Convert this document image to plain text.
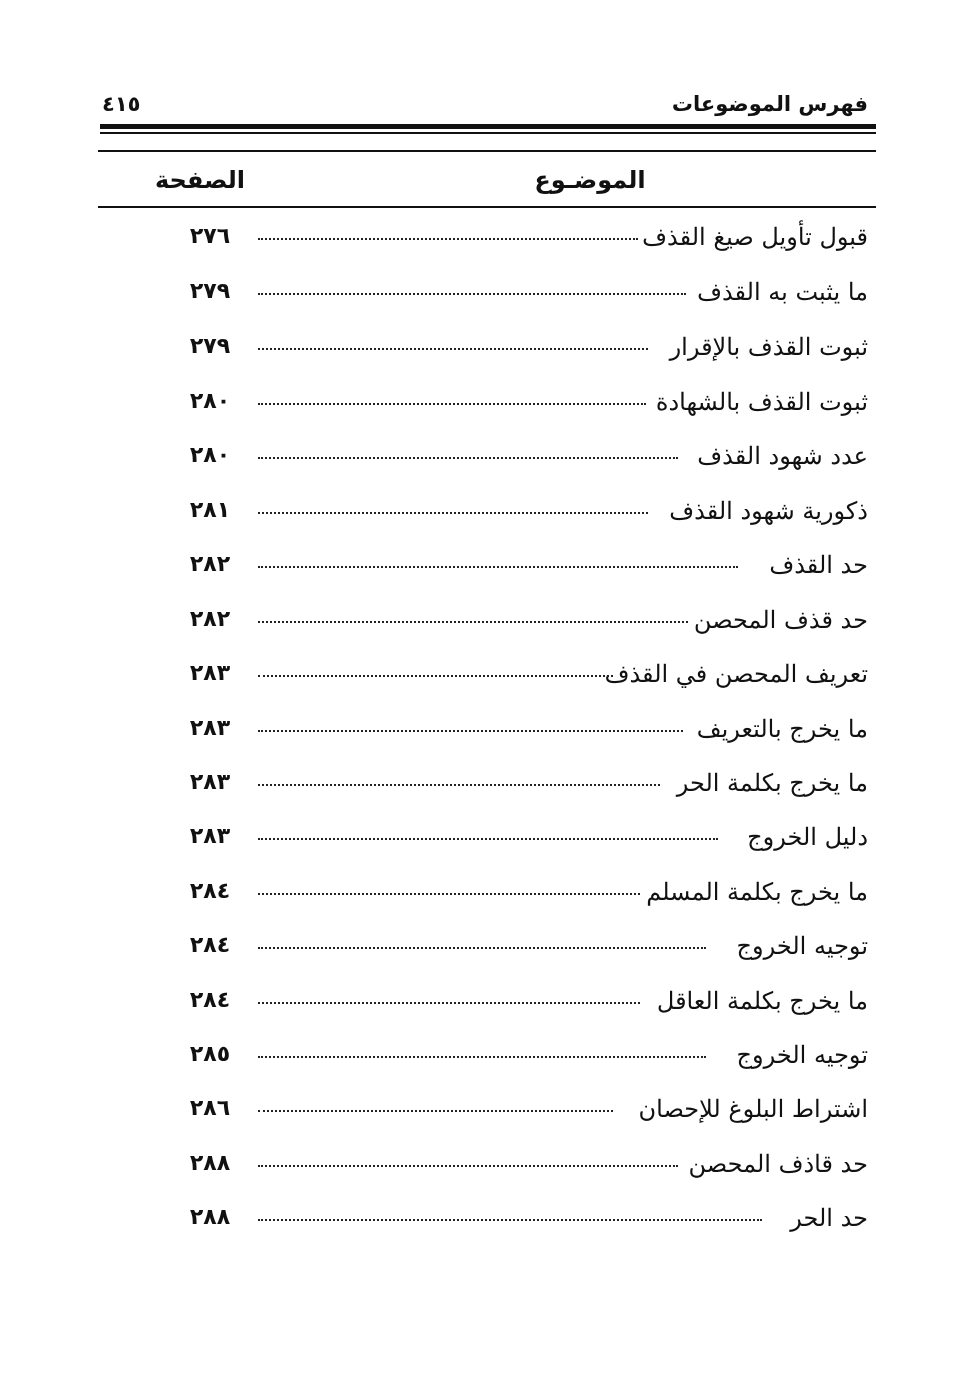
فهرس الموضوعات
٤١٥
الموضـوع
الصفحة
قبول تأويل صيغ القذف
٢٧٦
ما يثبت به القذف
٢٧٩
ثبوت القذف بالإقرار
٢٧٩
ثبوت القذف بالشهادة
٢٨٠
عدد شهود القذف
٢٨٠
ذكورية شهود القذف
٢٨١
حد القذف
٢٨٢
حد قذف المحصن
٢٨٢
تعريف المحصن في القذف
٢٨٣
ما يخرج بالتعريف
٢٨٣
ما يخرج بكلمة الحر
٢٨٣
دليل الخروج
٢٨٣
ما يخرج بكلمة المسلم
٢٨٤
توجيه الخروج
٢٨٤
ما يخرج بكلمة العاقل
٢٨٤
توجيه الخروج
٢٨٥
اشتراط البلوغ للإحصان
٢٨٦
حد قاذف المحصن
٢٨٨
حد الحر
٢٨٨
